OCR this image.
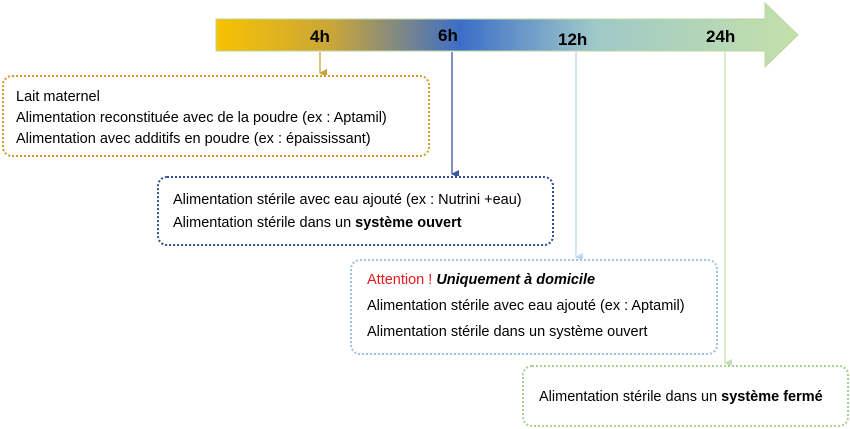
4h	6h	12h	24h

Lait maternel

Alimentation reconstituée avec de la poudre (ex : Aptamil)

Alimentation avec additifs en poudre (ex : épaississant)

Alimentation stérile avec eau ajouté (ex : Nutrini +eau)

Alimentation stérile dans un système ouvert

Attention ! Uniquement à domicile

Alimentation stérile avec eau ajouté (ex : Aptamil)

Alimentation stérile dans un système ouvert

Alimentation stérile dans un système fermé
